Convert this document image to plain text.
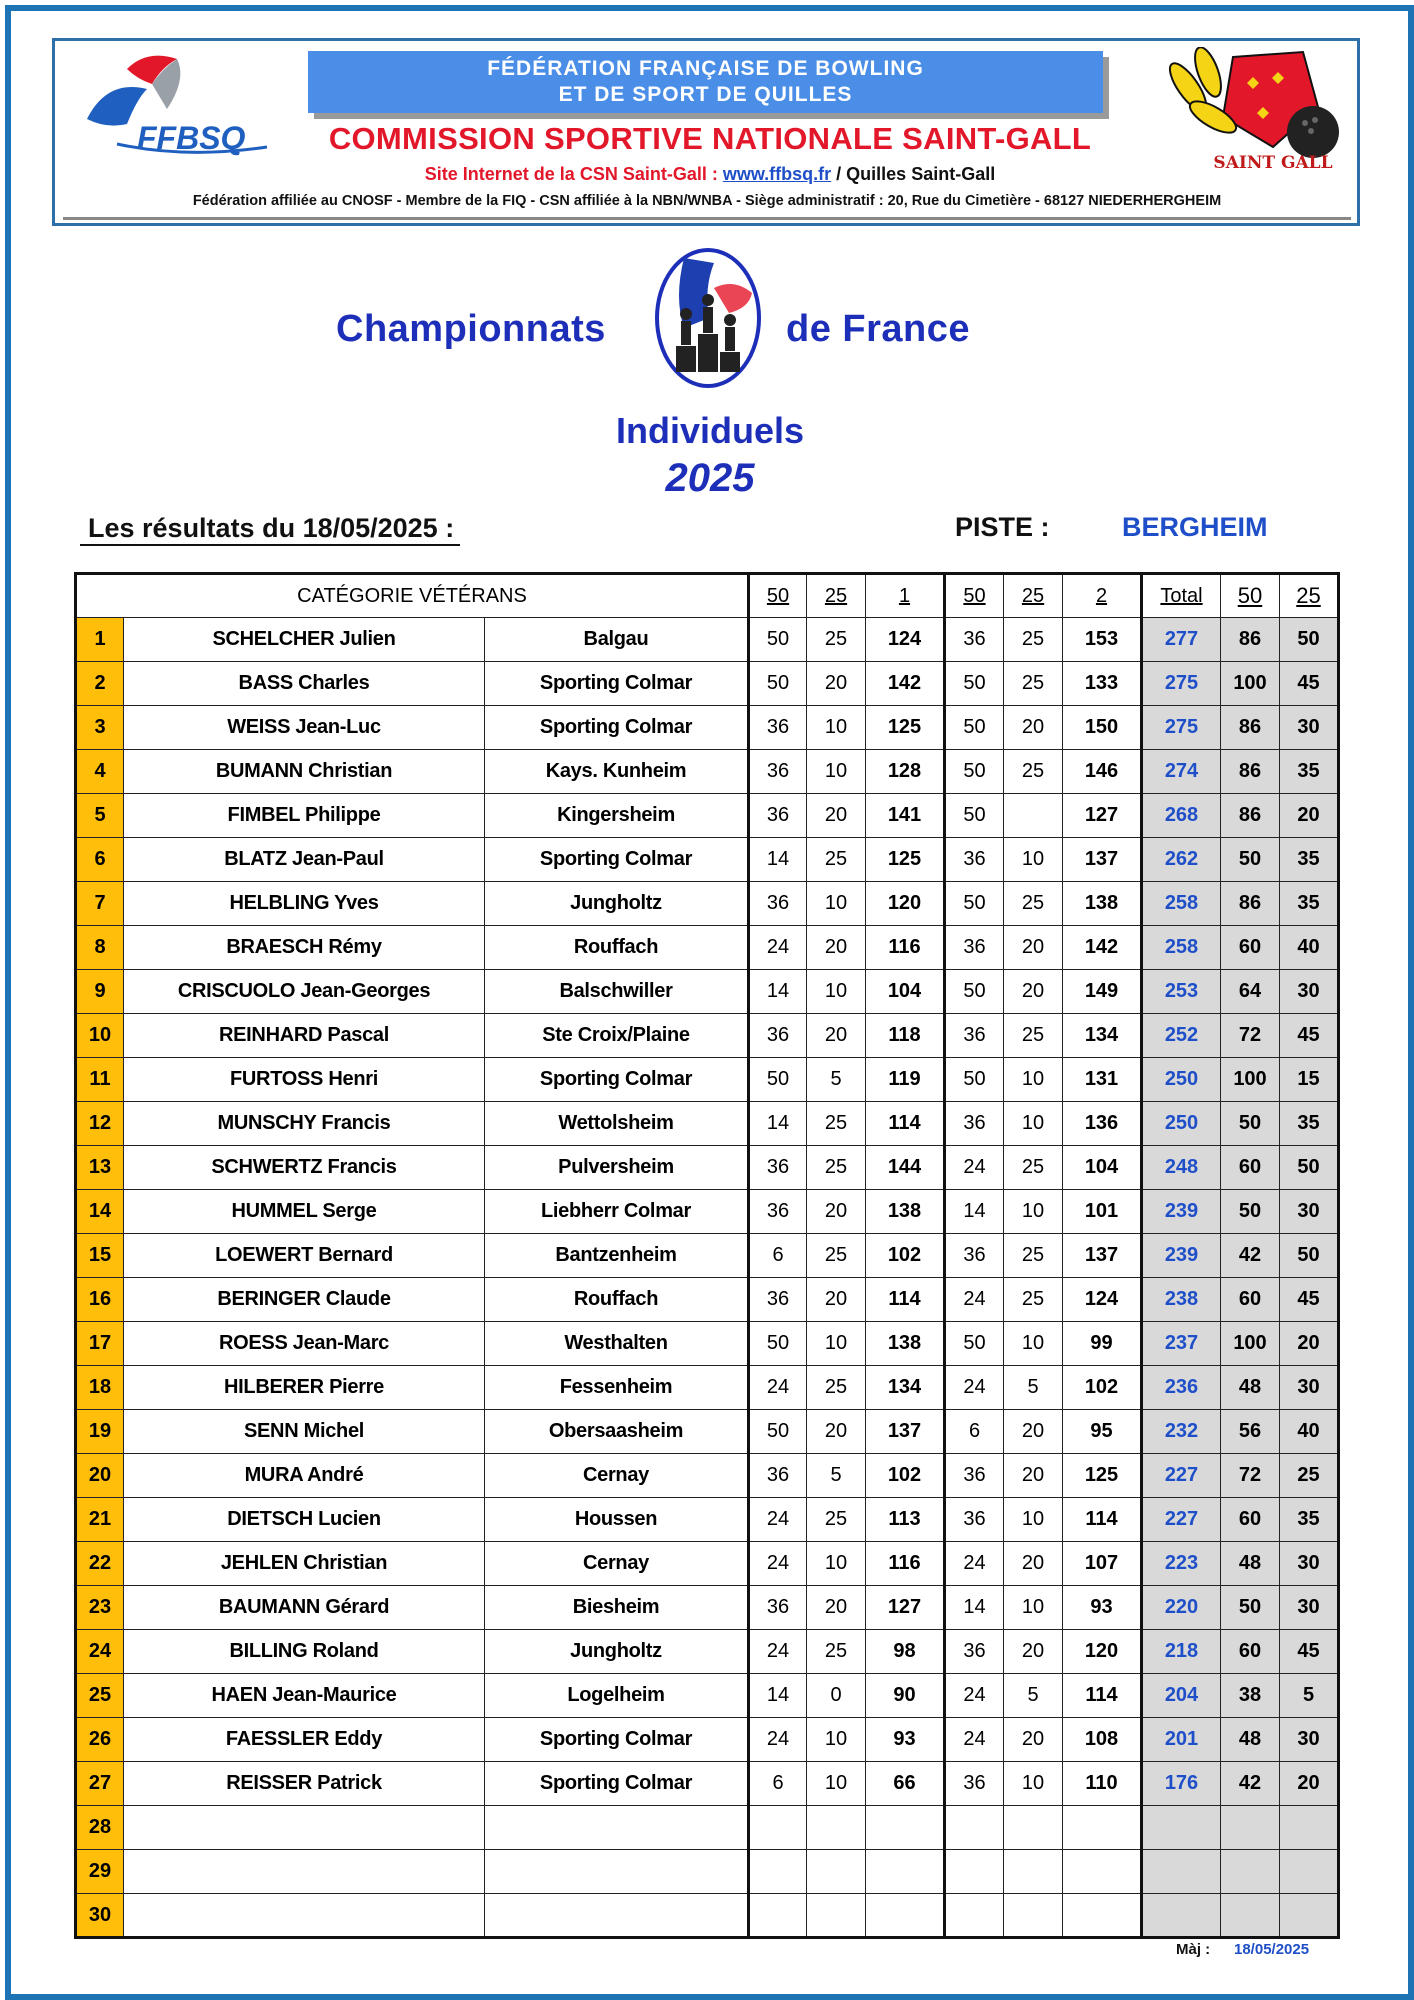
FFBSQ
FÉDÉRATION FRANÇAISE DE BOWLING
ET DE SPORT DE QUILLES
COMMISSION SPORTIVE NATIONALE SAINT-GALL
Site Internet de la CSN Saint-Gall : www.ffbsq.fr / Quilles Saint-Gall
Fédération affiliée au CNOSF - Membre de la FIQ - CSN affiliée à la NBN/WNBA - Siège administratif : 20, Rue du Cimetière - 68127 NIEDERHERGHEIM
SAINT GALL
Championnats	de France
Individuels
2025
Les résultats du 18/05/2025 :	PISTE :	BERGHEIM
CATÉGORIE VÉTÉRANS			50	25	1	50	25	2	Total	50	25
1	SCHELCHER Julien	Balgau	50	25	124	36	25	153	277	86	50
2	BASS Charles	Sporting Colmar	50	20	142	50	25	133	275	100	45
3	WEISS Jean-Luc	Sporting Colmar	36	10	125	50	20	150	275	86	30
4	BUMANN Christian	Kays. Kunheim	36	10	128	50	25	146	274	86	35
5	FIMBEL Philippe	Kingersheim	36	20	141	50		127	268	86	20
6	BLATZ Jean-Paul	Sporting Colmar	14	25	125	36	10	137	262	50	35
7	HELBLING Yves	Jungholtz	36	10	120	50	25	138	258	86	35
8	BRAESCH Rémy	Rouffach	24	20	116	36	20	142	258	60	40
9	CRISCUOLO Jean-Georges	Balschwiller	14	10	104	50	20	149	253	64	30
10	REINHARD Pascal	Ste Croix/Plaine	36	20	118	36	25	134	252	72	45
11	FURTOSS Henri	Sporting Colmar	50	5	119	50	10	131	250	100	15
12	MUNSCHY Francis	Wettolsheim	14	25	114	36	10	136	250	50	35
13	SCHWERTZ Francis	Pulversheim	36	25	144	24	25	104	248	60	50
14	HUMMEL Serge	Liebherr Colmar	36	20	138	14	10	101	239	50	30
15	LOEWERT Bernard	Bantzenheim	6	25	102	36	25	137	239	42	50
16	BERINGER Claude	Rouffach	36	20	114	24	25	124	238	60	45
17	ROESS Jean-Marc	Westhalten	50	10	138	50	10	99	237	100	20
18	HILBERER Pierre	Fessenheim	24	25	134	24	5	102	236	48	30
19	SENN Michel	Obersaasheim	50	20	137	6	20	95	232	56	40
20	MURA André	Cernay	36	5	102	36	20	125	227	72	25
21	DIETSCH Lucien	Houssen	24	25	113	36	10	114	227	60	35
22	JEHLEN Christian	Cernay	24	10	116	24	20	107	223	48	30
23	BAUMANN Gérard	Biesheim	36	20	127	14	10	93	220	50	30
24	BILLING Roland	Jungholtz	24	25	98	36	20	120	218	60	45
25	HAEN Jean-Maurice	Logelheim	14	0	90	24	5	114	204	38	5
26	FAESSLER Eddy	Sporting Colmar	24	10	93	24	20	108	201	48	30
27	REISSER Patrick	Sporting Colmar	6	10	66	36	10	110	176	42	20
28											
29											
30											
Màj : 18/05/2025
